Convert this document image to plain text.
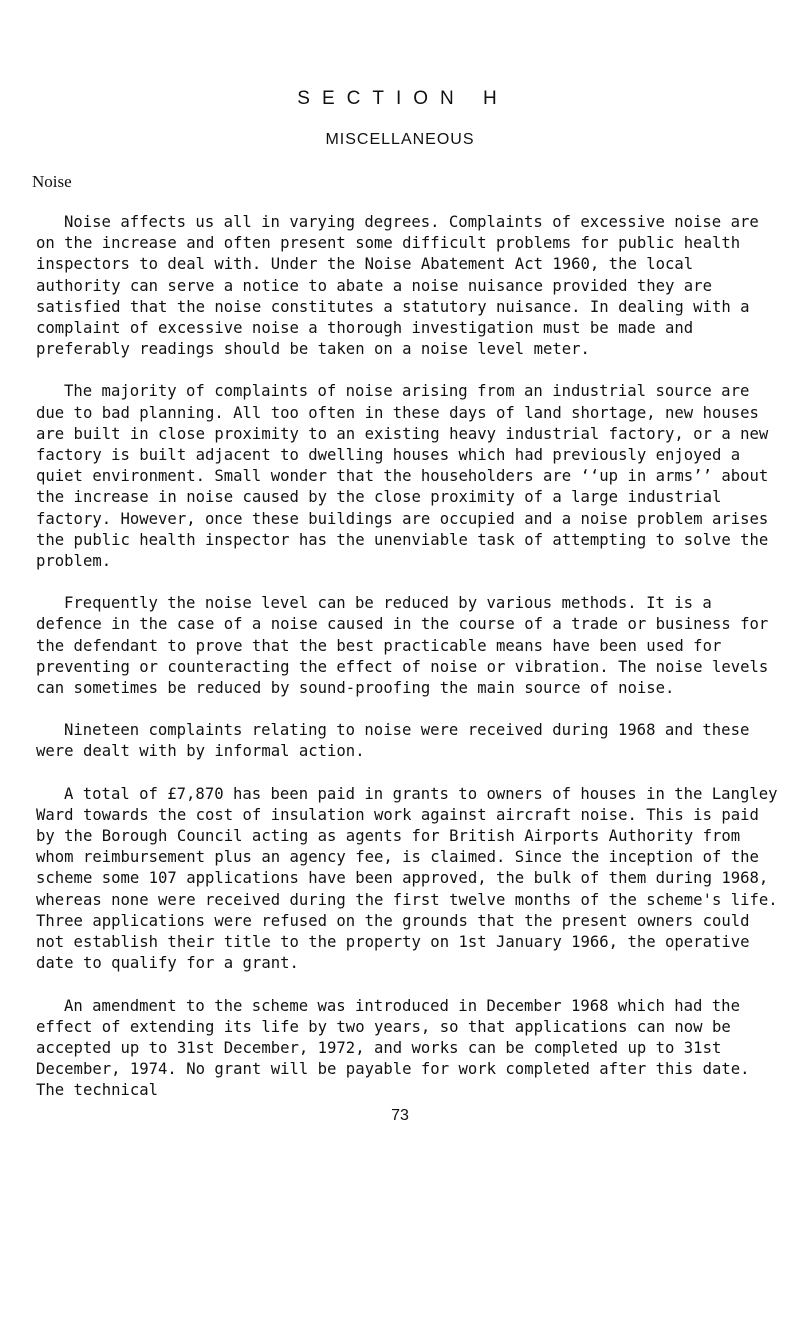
SECTION H
MISCELLANEOUS
Noise

Noise affects us all in varying degrees. Complaints of excessive noise are on the increase and often present some difficult problems for public health inspectors to deal with. Under the Noise Abatement Act 1960, the local authority can serve a notice to abate a noise nuisance provided they are satisfied that the noise constitutes a statutory nuisance. In dealing with a complaint of excessive noise a thorough investigation must be made and preferably readings should be taken on a noise level meter.

The majority of complaints of noise arising from an industrial source are due to bad planning. All too often in these days of land shortage, new houses are built in close proximity to an existing heavy industrial factory, or a new factory is built adjacent to dwelling houses which had previously enjoyed a quiet environment. Small wonder that the householders are ‘‘up in arms’’ about the increase in noise caused by the close proximity of a large industrial factory. However, once these buildings are occupied and a noise problem arises the public health inspector has the unenviable task of attempting to solve the problem.

Frequently the noise level can be reduced by various methods. It is a defence in the case of a noise caused in the course of a trade or business for the defendant to prove that the best practicable means have been used for preventing or counteracting the effect of noise or vibration. The noise levels can sometimes be reduced by sound-proofing the main source of noise.

Nineteen complaints relating to noise were received during 1968 and these were dealt with by informal action.

A total of £7,870 has been paid in grants to owners of houses in the Langley Ward towards the cost of insulation work against aircraft noise. This is paid by the Borough Council acting as agents for British Airports Authority from whom reimbursement plus an agency fee, is claimed. Since the inception of the scheme some 107 applications have been approved, the bulk of them during 1968, whereas none were received during the first twelve months of the scheme's life. Three applications were refused on the grounds that the present owners could not establish their title to the property on 1st January 1966, the operative date to qualify for a grant.

An amendment to the scheme was introduced in December 1968 which had the effect of extending its life by two years, so that applications can now be accepted up to 31st December, 1972, and works can be completed up to 31st December, 1974. No grant will be payable for work completed after this date. The technical

73
